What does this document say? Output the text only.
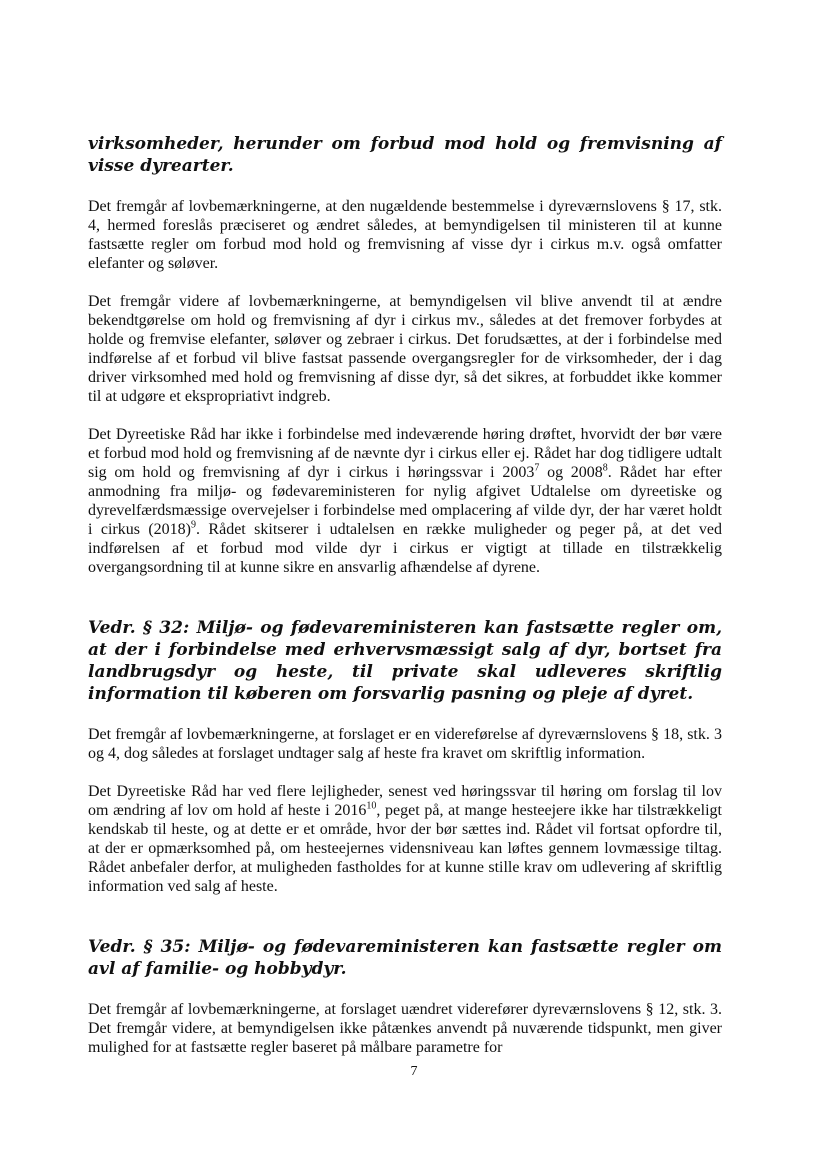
virksomheder, herunder om forbud mod hold og fremvisning af visse dyrearter.

Det fremgår af lovbemærkningerne, at den nugældende bestemmelse i dyreværnslovens § 17, stk. 4, hermed foreslås præciseret og ændret således, at bemyndigelsen til ministeren til at kunne fastsætte regler om forbud mod hold og fremvisning af visse dyr i cirkus m.v. også omfatter elefanter og søløver.

Det fremgår videre af lovbemærkningerne, at bemyndigelsen vil blive anvendt til at ændre bekendtgørelse om hold og fremvisning af dyr i cirkus mv., således at det fremover forbydes at holde og fremvise elefanter, søløver og zebraer i cirkus. Det forudsættes, at der i forbindelse med indførelse af et forbud vil blive fastsat passende overgangsregler for de virksomheder, der i dag driver virksomhed med hold og fremvisning af disse dyr, så det sikres, at forbuddet ikke kommer til at udgøre et ekspropriativt indgreb.

Det Dyreetiske Råd har ikke i forbindelse med indeværende høring drøftet, hvorvidt der bør være et forbud mod hold og fremvisning af de nævnte dyr i cirkus eller ej. Rådet har dog tidligere udtalt sig om hold og fremvisning af dyr i cirkus i høringssvar i 2003$^7$ og 2008$^8$. Rådet har efter anmodning fra miljø- og fødevareministeren for nylig afgivet Udtalelse om dyreetiske og dyrevelfærdsmæssige overvejelser i forbindelse med omplacering af vilde dyr, der har været holdt i cirkus $(2018)^9$. Rådet skitserer i udtalelsen en række muligheder og peger på, at det ved indførelsen af et forbud mod vilde dyr i cirkus er vigtigt at tillade en tilstrækkelig overgangsordning til at kunne sikre en ansvarlig afhændelse af dyrene.

Vedr. § 32: Miljø- og fødevareministeren kan fastsætte regler om, at der i forbindelse med erhvervsmæssigt salg af dyr, bortset fra landbrugsdyr og heste, til private skal udleveres skriftlig information til køberen om forsvarlig pasning og pleje af dyret.

Det fremgår af lovbemærkningerne, at forslaget er en videreførelse af dyreværnslovens § 18, stk. 3 og 4, dog således at forslaget undtager salg af heste fra kravet om skriftlig information.

Det Dyreetiske Råd har ved flere lejligheder, senest ved høringssvar til høring om forslag til lov om ændring af lov om hold af heste i 2016$^{10}$, peget på, at mange hesteejere ikke har tilstrækkeligt kendskab til heste, og at dette er et område, hvor der bør sættes ind. Rådet vil fortsat opfordre til, at der er opmærksomhed på, om hesteejernes vidensniveau kan løftes gennem lovmæssige tiltag. Rådet anbefaler derfor, at muligheden fastholdes for at kunne stille krav om udlevering af skriftlig information ved salg af heste.

Vedr. § 35: Miljø- og fødevareministeren kan fastsætte regler om avl af familie- og hobbydyr.

Det fremgår af lovbemærkningerne, at forslaget uændret viderefører dyreværnslovens § 12, stk. 3. Det fremgår videre, at bemyndigelsen ikke påtænkes anvendt på nuværende tidspunkt, men giver mulighed for at fastsætte regler baseret på målbare parametre for

7
